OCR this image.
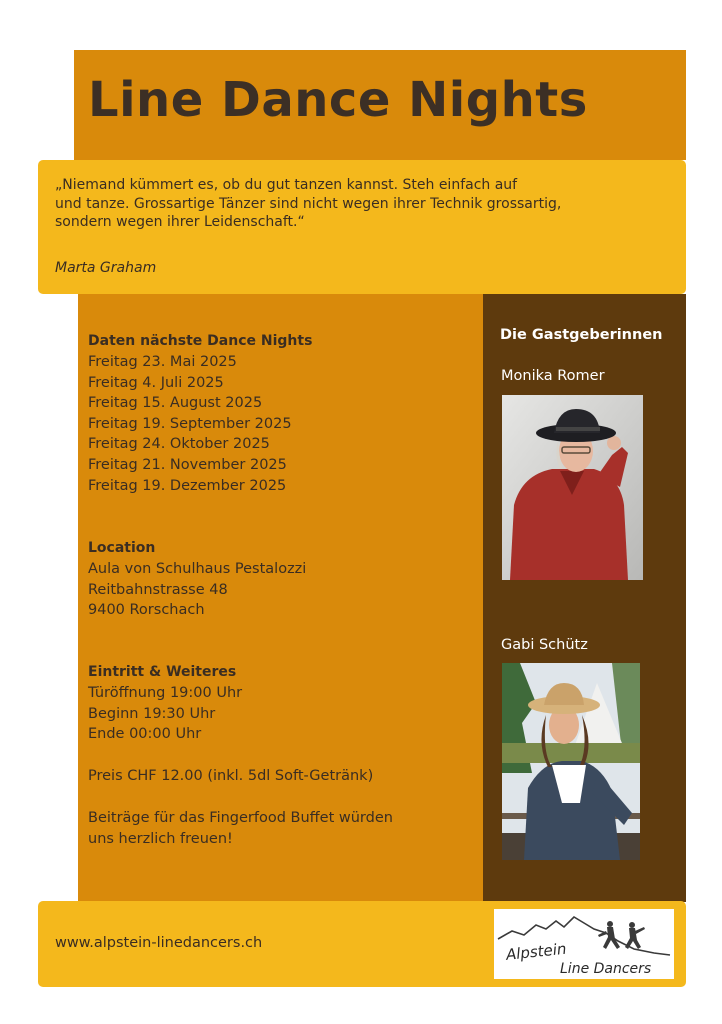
Line Dance Nights
„Niemand kümmert es, ob du gut tanzen kannst. Steh einfach auf
und tanze. Grossartige Tänzer sind nicht wegen ihrer Technik grossartig,
sondern wegen ihrer Leidenschaft.“
Marta Graham
Daten nächste Dance Nights
Freitag 23. Mai 2025
Freitag 4. Juli 2025
Freitag 15. August 2025
Freitag 19. September 2025
Freitag 24. Oktober 2025
Freitag 21. November 2025
Freitag 19. Dezember 2025
Location
Aula von Schulhaus Pestalozzi
Reitbahnstrasse 48
9400 Rorschach
Eintritt & Weiteres
Türöffnung 19:00 Uhr
Beginn 19:30 Uhr
Ende 00:00 Uhr
Preis CHF 12.00 (inkl. 5dl Soft-Getränk)
Beiträge für das Fingerfood Buffet würden
uns herzlich freuen!
Die Gastgeberinnen
Monika Romer
Gabi Schütz
www.alpstein-linedancers.ch	Alpstein
Line Dancers
